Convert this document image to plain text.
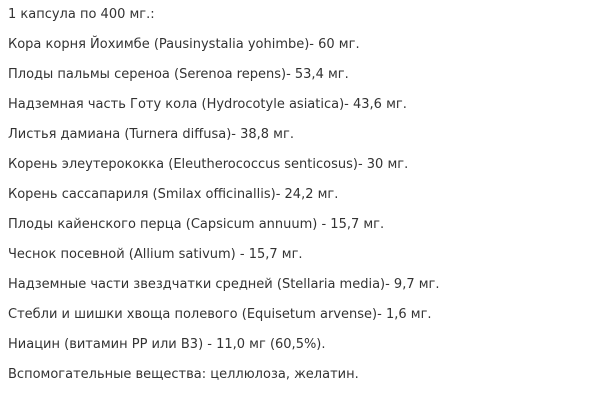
1 капсула по 400 мг.:
Кора корня Йохимбе (Pausinystalia yohimbe)- 60 мг.
Плоды пальмы сереноа (Serenoa repens)- 53,4 мг.
Надземная часть Готу кола (Hydrocotyle asiatica)- 43,6 мг.
Листья дамиана (Turnera diffusa)- 38,8 мг.
Корень элеутерококка (Eleutherococcus senticosus)- 30 мг.
Корень сассапариля (Smilax officinallis)- 24,2 мг.
Плоды кайенского перца (Capsicum annuum) - 15,7 мг.
Чеснок посевной (Allium sativum) - 15,7 мг.
Надземные части звездчатки средней (Stellaria media)- 9,7 мг.
Стебли и шишки хвоща полевого (Equisetum arvense)- 1,6 мг.
Ниацин (витамин РР или В3) - 11,0 мг (60,5%).
Вспомогательные вещества: целлюлоза, желатин.
